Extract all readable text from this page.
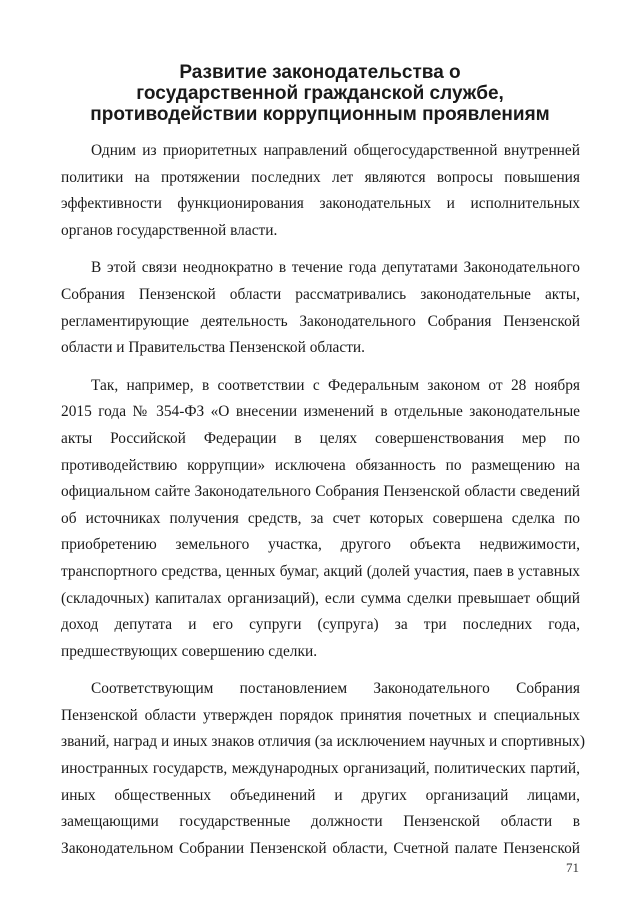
Развитие законодательства о
государственной гражданской службе,
противодействии коррупционным проявлениям
Одним из приоритетных направлений общегосударственной внутренней
политики на протяжении последних лет являются вопросы повышения
эффективности функционирования законодательных и исполнительных
органов государственной власти.
В этой связи неоднократно в течение года депутатами Законодательного
Собрания Пензенской области рассматривались законодательные акты,
регламентирующие деятельность Законодательного Собрания Пензенской
области и Правительства Пензенской области.
Так, например, в соответствии с Федеральным законом от 28 ноября
2015 года № 354-ФЗ «О внесении изменений в отдельные законодательные
акты Российской Федерации в целях совершенствования мер по
противодействию коррупции» исключена обязанность по размещению на
официальном сайте Законодательного Собрания Пензенской области сведений
об источниках получения средств, за счет которых совершена сделка по
приобретению земельного участка, другого объекта недвижимости,
транспортного средства, ценных бумаг, акций (долей участия, паев в уставных
(складочных) капиталах организаций), если сумма сделки превышает общий
доход депутата и его супруги (супруга) за три последних года,
предшествующих совершению сделки.
Соответствующим постановлением Законодательного Собрания
Пензенской области утвержден порядок принятия почетных и специальных
званий, наград и иных знаков отличия (за исключением научных и спортивных)
иностранных государств, международных организаций, политических партий,
иных общественных объединений и других организаций лицами,
замещающими государственные должности Пензенской области в
Законодательном Собрании Пензенской области, Счетной палате Пензенской
71
